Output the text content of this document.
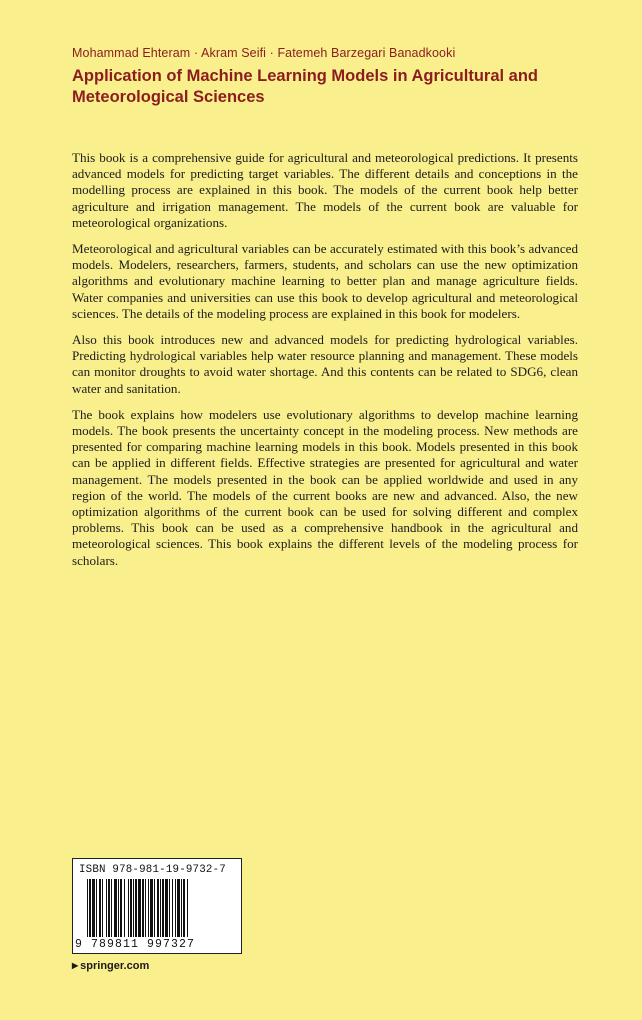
Mohammad Ehteram · Akram Seifi · Fatemeh Barzegari Banadkooki
Application of Machine Learning Models in Agricultural and
Meteorological Sciences

This book is a comprehensive guide for agricultural and meteorological predictions. It presents advanced models for predicting target variables. The different details and conceptions in the modelling process are explained in this book. The models of the current book help better agriculture and irrigation management. The models of the current book are valuable for meteorological organizations.

Meteorological and agricultural variables can be accurately estimated with this book’s advanced models. Modelers, researchers, farmers, students, and scholars can use the new optimization algorithms and evolutionary machine learning to better plan and manage agriculture fields. Water companies and universities can use this book to develop agricultural and meteorological sciences. The details of the modeling process are explained in this book for modelers.

Also this book introduces new and advanced models for predicting hydrological variables. Predicting hydrological variables help water resource planning and management. These models can monitor droughts to avoid water shortage. And this contents can be related to SDG6, clean water and sanitation.

The book explains how modelers use evolutionary algorithms to develop machine learning models. The book presents the uncertainty concept in the modeling process. New methods are presented for comparing machine learning models in this book. Models presented in this book can be applied in different fields. Effective strategies are presented for agricultural and water management. The models presented in the book can be applied worldwide and used in any region of the world. The models of the current books are new and advanced. Also, the new optimization algorithms of the current book can be used for solving different and complex problems. This book can be used as a comprehensive handbook in the agricultural and meteorological sciences. This book explains the different levels of the modeling process for scholars.

ISBN 978-981-19-9732-7
9 789811 997327
▶ springer.com
